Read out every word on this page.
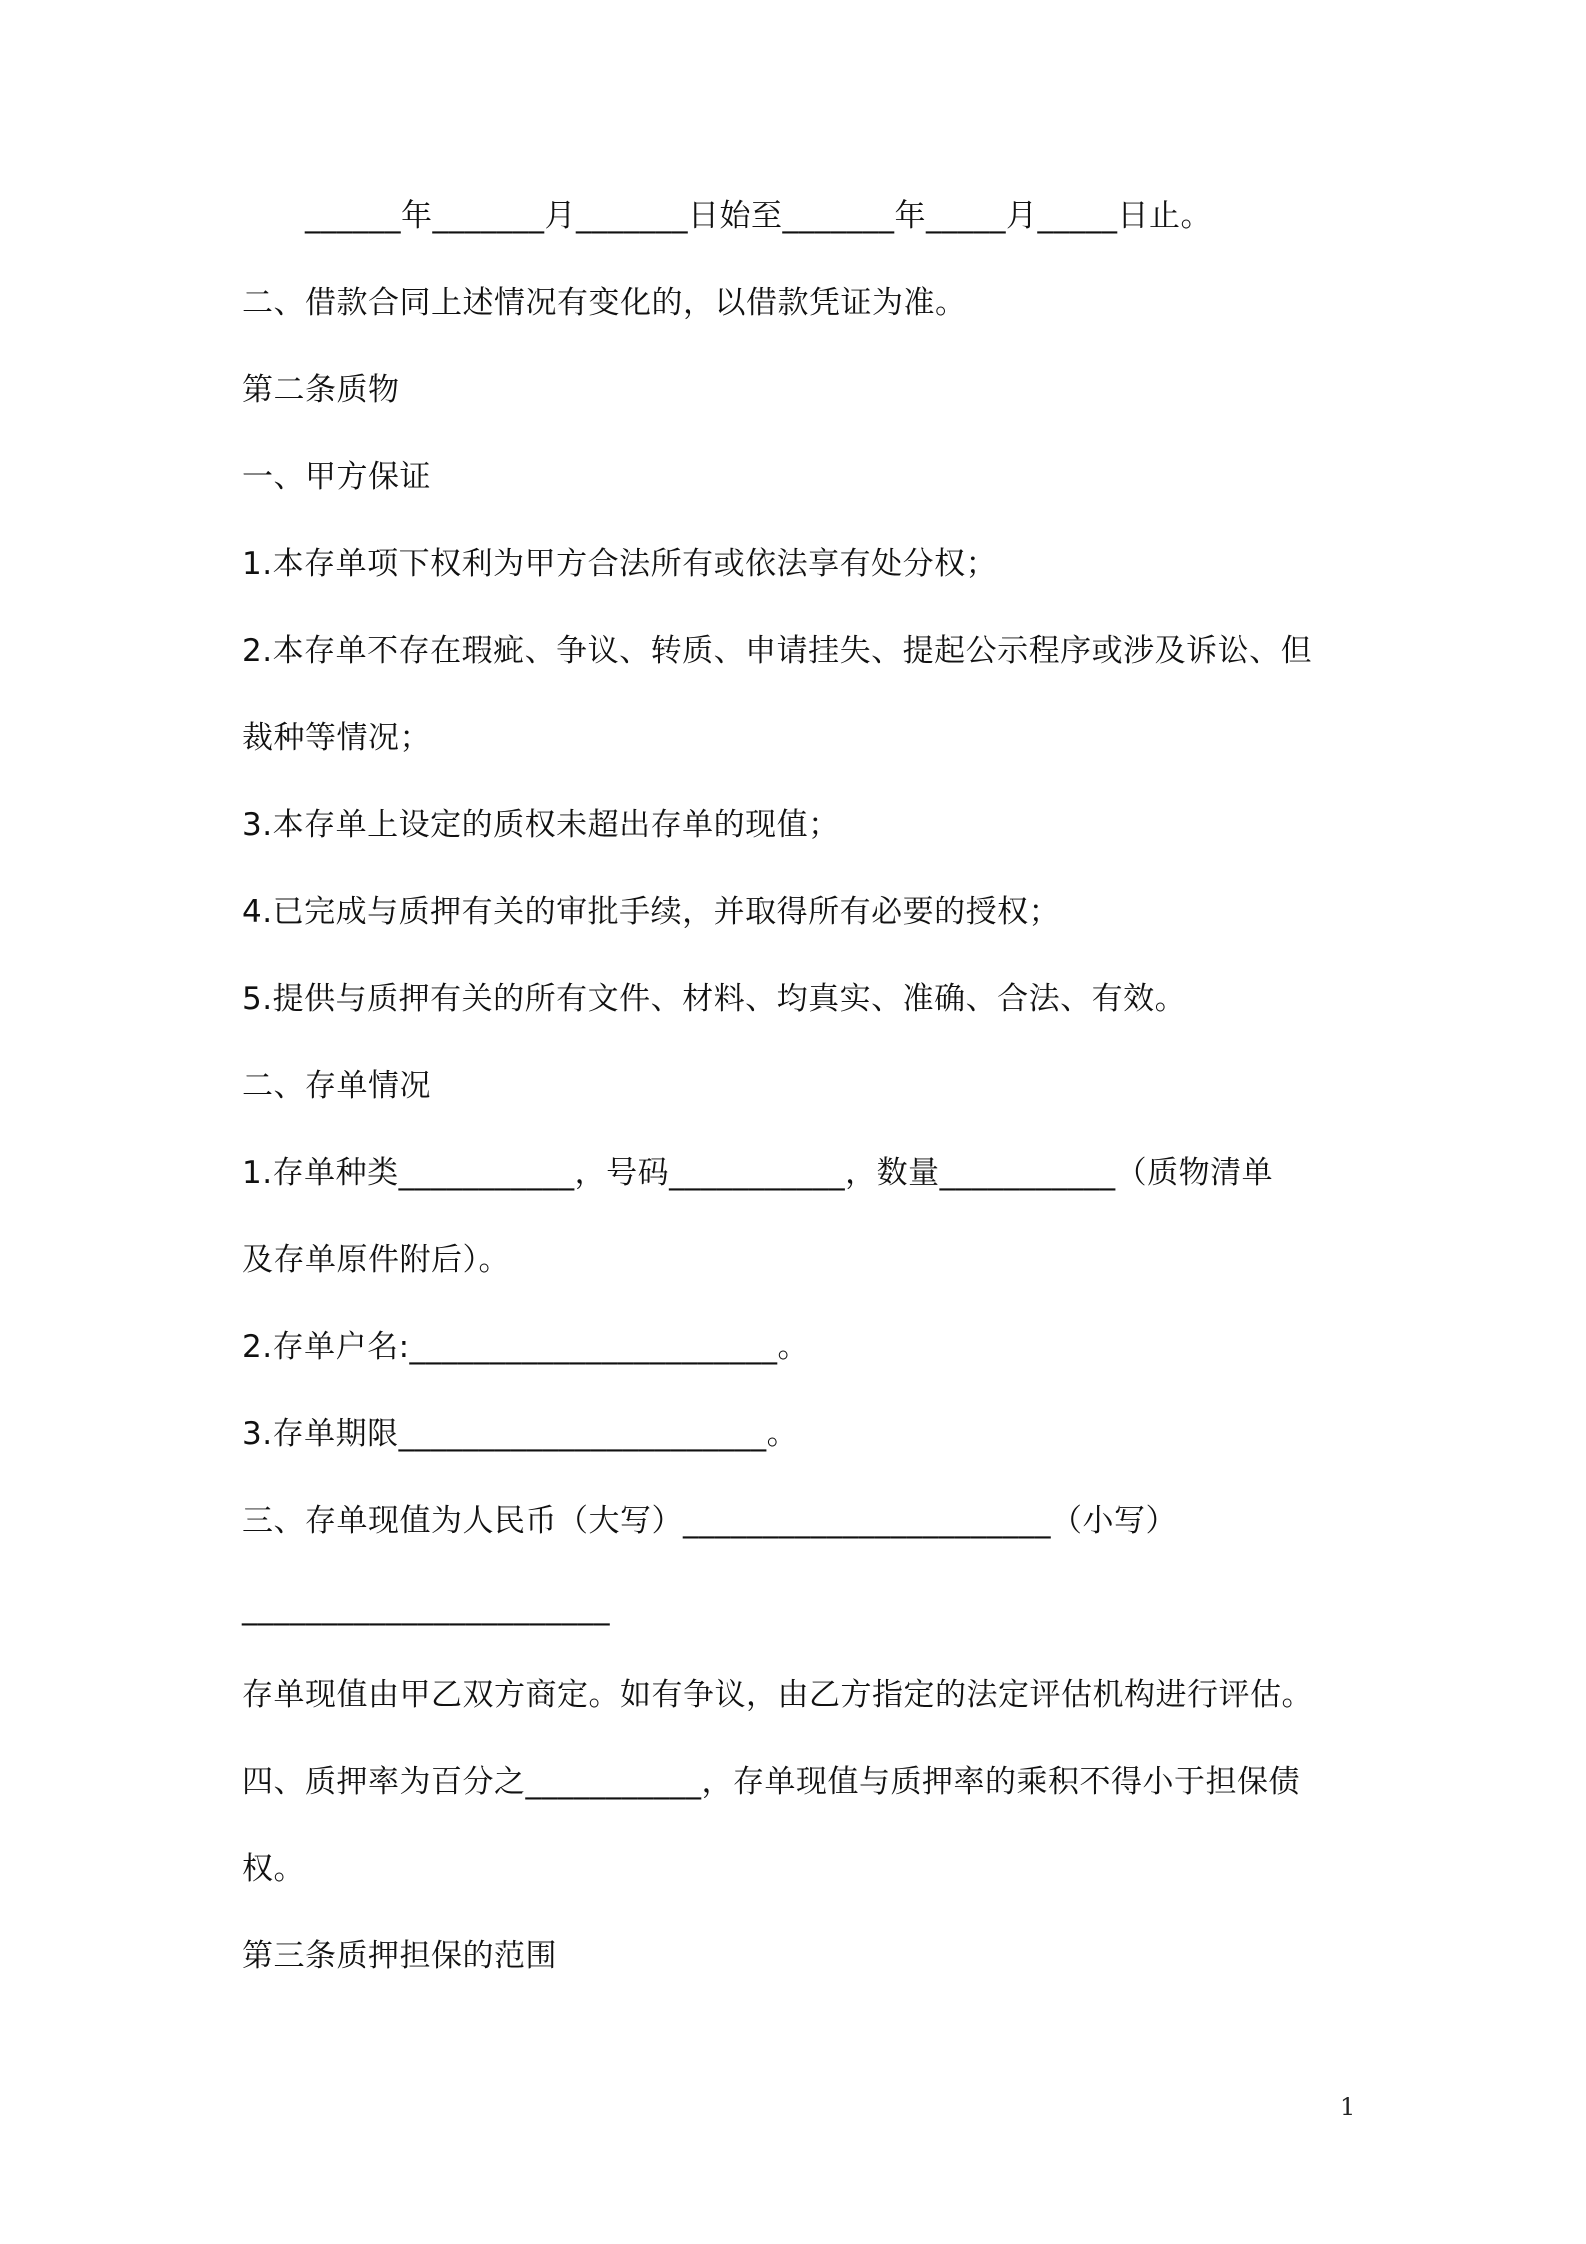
______年_______月_______日始至_______年_____月_____日止。
二、借款合同上述情况有变化的，以借款凭证为准。
第二条质物
一、甲方保证
1.本存单项下权利为甲方合法所有或依法享有处分权；
2.本存单不存在瑕疵、争议、转质、申请挂失、提起公示程序或涉及诉讼、但
裁种等情况；
3.本存单上设定的质权未超出存单的现值；
4.已完成与质押有关的审批手续，并取得所有必要的授权；
5.提供与质押有关的所有文件、材料、均真实、准确、合法、有效。
二、存单情况
1.存单种类___________，号码___________，数量___________（质物清单
及存单原件附后）。
2.存单户名:_______________________。
3.存单期限_______________________。
三、存单现值为人民币（大写）_______________________（小写）
_______________________
存单现值由甲乙双方商定。如有争议，由乙方指定的法定评估机构进行评估。
四、质押率为百分之___________，存单现值与质押率的乘积不得小于担保债
权。
第三条质押担保的范围
1
